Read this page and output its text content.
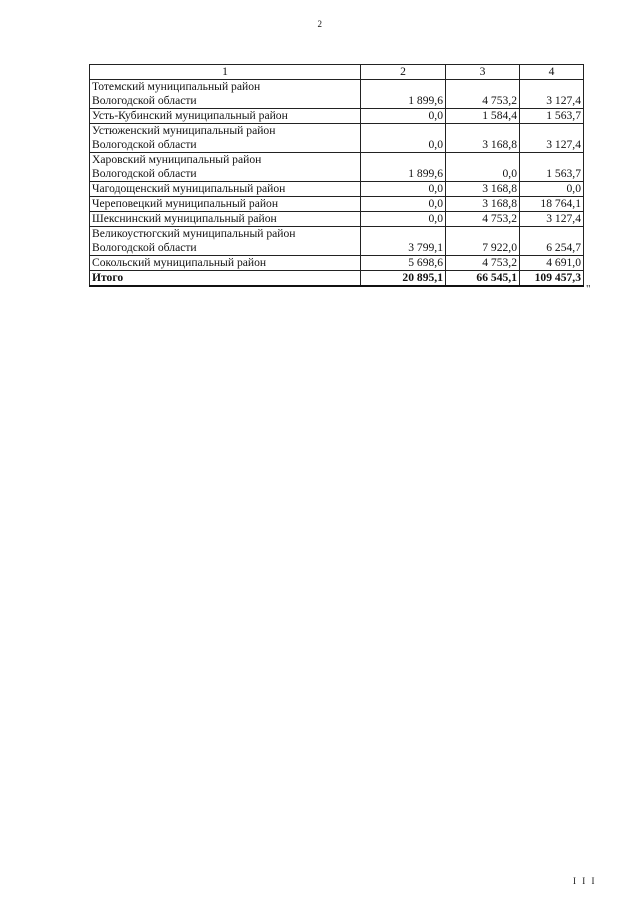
2
1	2	3	4
Тотемский муниципальный район
Вологодской области	1 899,6	4 753,2	3 127,4
Усть-Кубинский муниципальный район	0,0	1 584,4	1 563,7
Устюженский муниципальный район
Вологодской области	0,0	3 168,8	3 127,4
Харовский муниципальный район
Вологодской области	1 899,6	0,0	1 563,7
Чагодощенский муниципальный район	0,0	3 168,8	0,0
Череповецкий муниципальный район	0,0	3 168,8	18 764,1
Шекснинский муниципальный район	0,0	4 753,2	3 127,4
Великоустюгский муниципальный район
Вологодской области	3 799,1	7 922,0	6 254,7
Сокольский муниципальный район	5 698,6	4 753,2	4 691,0
Итого	20 895,1	66 545,1	109 457,3
"
I I I
